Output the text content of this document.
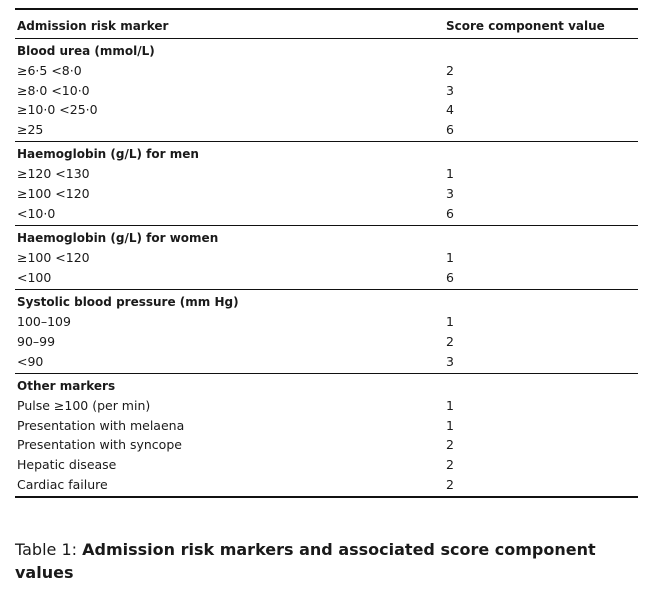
Admission risk marker	Score component value
Blood urea (mmol/L)
≥6·5 <8·0	2
≥8·0 <10·0	3
≥10·0 <25·0	4
≥25	6
Haemoglobin (g/L) for men
≥120 <130	1
≥100 <120	3
<10·0	6
Haemoglobin (g/L) for women
≥100 <120	1
<100	6
Systolic blood pressure (mm Hg)
100–109	1
90–99	2
<90	3
Other markers
Pulse ≥100 (per min)	1
Presentation with melaena	1
Presentation with syncope	2
Hepatic disease	2
Cardiac failure	2
Table 1: Admission risk markers and associated score component values
